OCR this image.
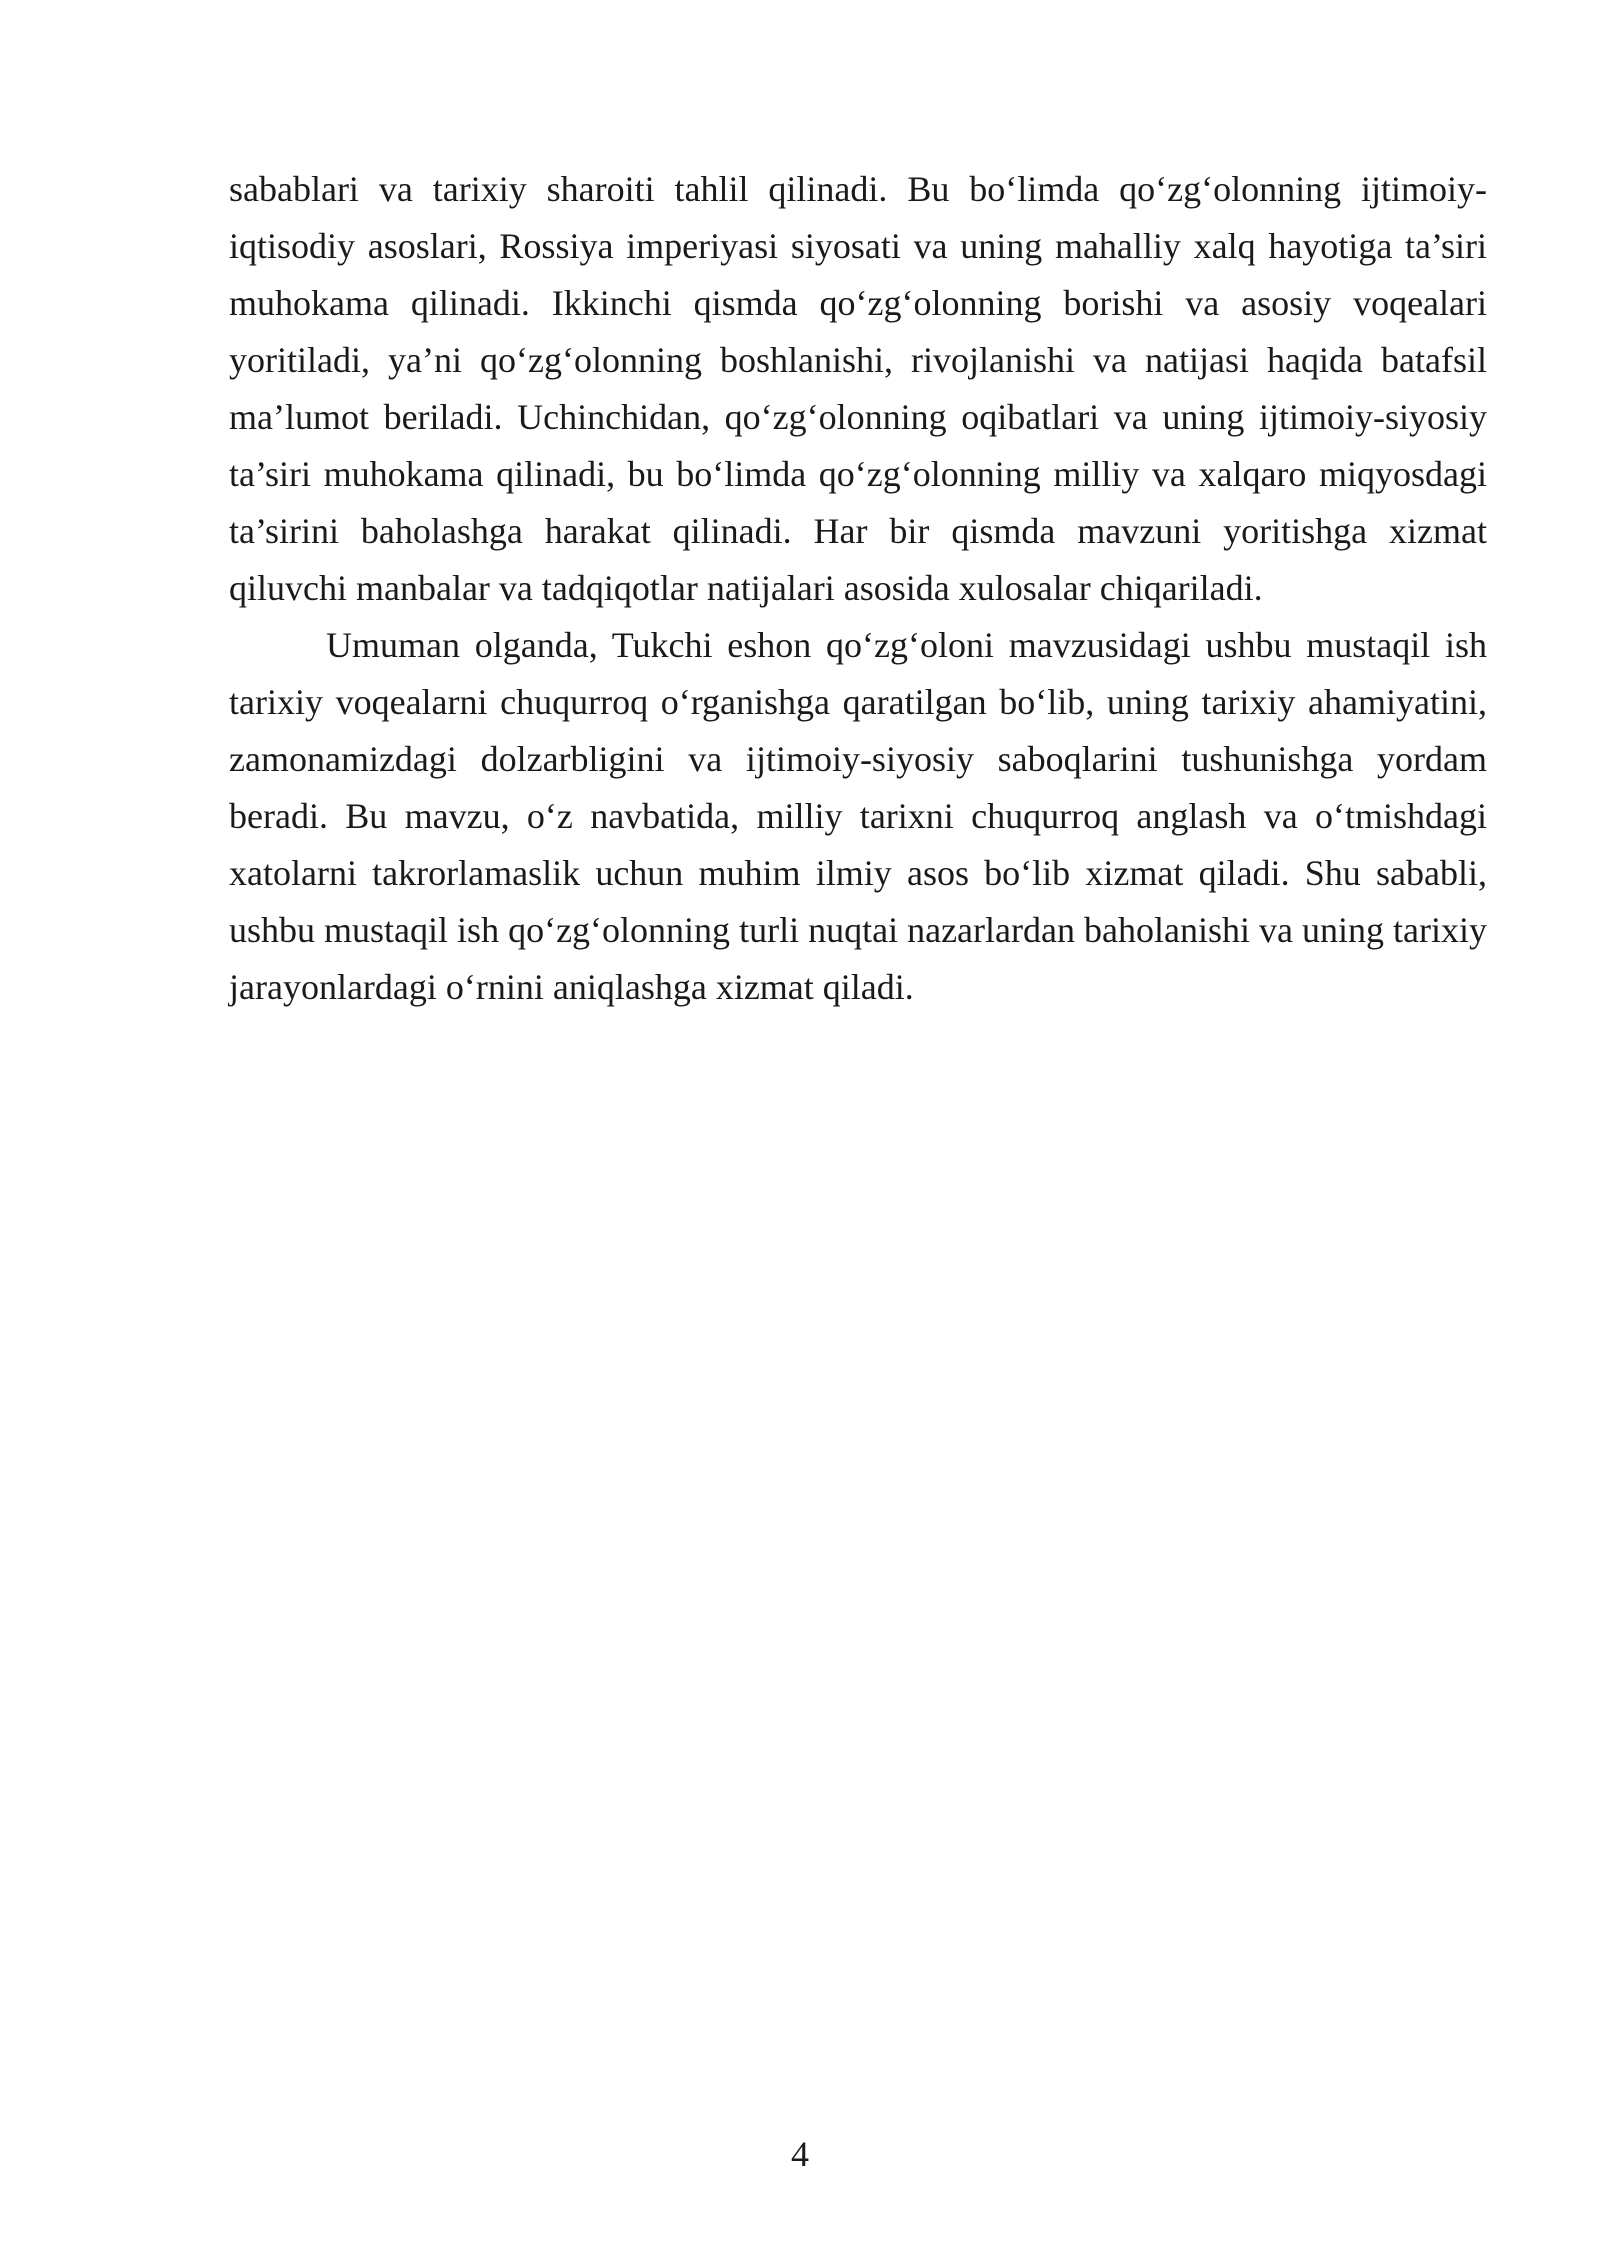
sabablari va tarixiy sharoiti tahlil qilinadi. Bu bo‘limda qo‘zg‘olonning ijtimoiy-iqtisodiy asoslari, Rossiya imperiyasi siyosati va uning mahalliy xalq hayotiga ta’siri muhokama qilinadi. Ikkinchi qismda qo‘zg‘olonning borishi va asosiy voqealari yoritiladi, ya’ni qo‘zg‘olonning boshlanishi, rivojlanishi va natijasi haqida batafsil ma’lumot beriladi. Uchinchidan, qo‘zg‘olonning oqibatlari va uning ijtimoiy-siyosiy ta’siri muhokama qilinadi, bu bo‘limda qo‘zg‘olonning milliy va xalqaro miqyosdagi ta’sirini baholashga harakat qilinadi. Har bir qismda mavzuni yoritishga xizmat qiluvchi manbalar va tadqiqotlar natijalari asosida xulosalar chiqariladi.

Umuman olganda, Tukchi eshon qo‘zg‘oloni mavzusidagi ushbu mustaqil ish tarixiy voqealarni chuqurroq o‘rganishga qaratilgan bo‘lib, uning tarixiy ahamiyatini, zamonamizdagi dolzarbligini va ijtimoiy-siyosiy saboqlarini tushunishga yordam beradi. Bu mavzu, o‘z navbatida, milliy tarixni chuqurroq anglash va o‘tmishdagi xatolarni takrorlamaslik uchun muhim ilmiy asos bo‘lib xizmat qiladi. Shu sababli, ushbu mustaqil ish qo‘zg‘olonning turli nuqtai nazarlardan baholanishi va uning tarixiy jarayonlardagi o‘rnini aniqlashga xizmat qiladi.

4
